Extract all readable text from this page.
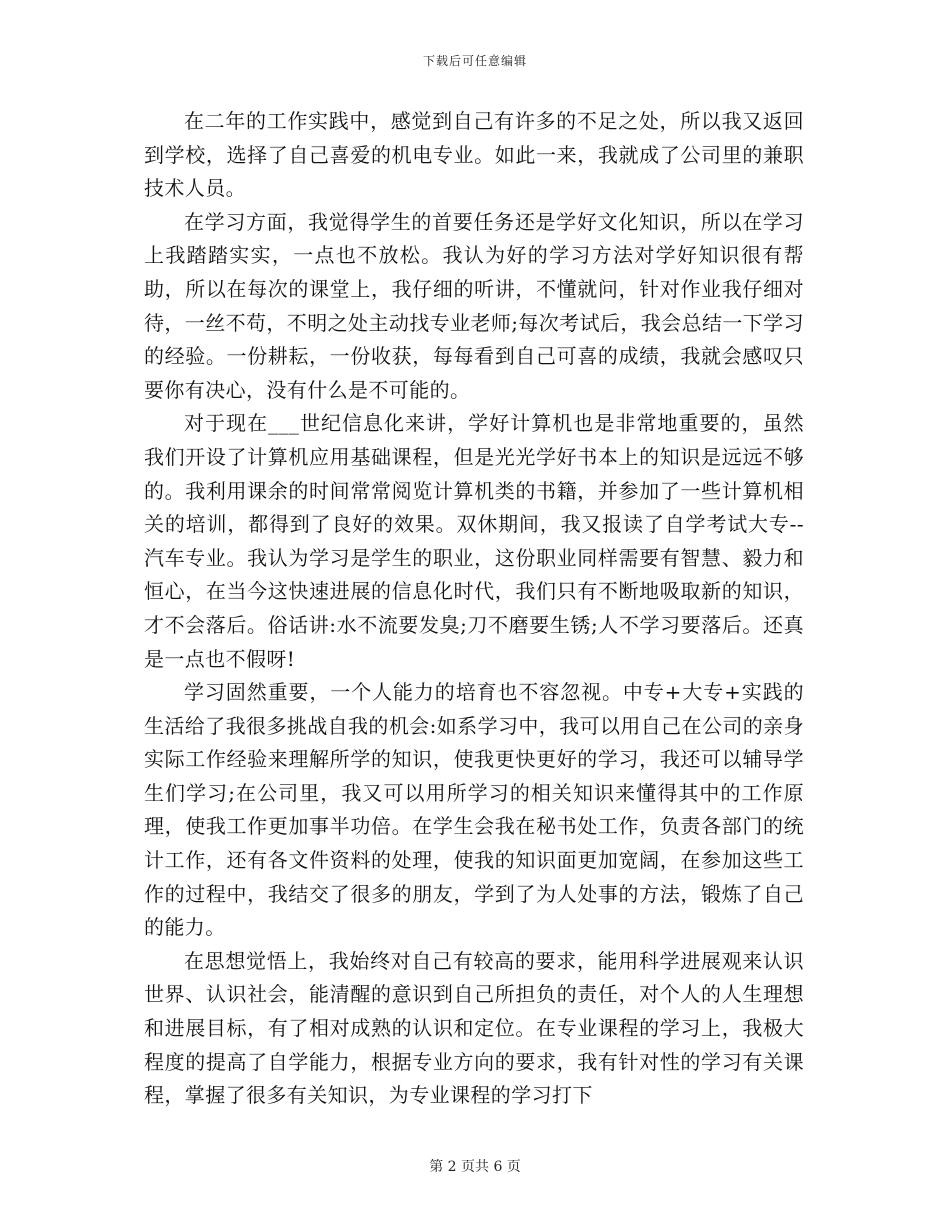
下载后可任意编辑

在二年的工作实践中，感觉到自己有许多的不足之处，所以我又返回到学校，选择了自己喜爱的机电专业。如此一来，我就成了公司里的兼职技术人员。

在学习方面，我觉得学生的首要任务还是学好文化知识，所以在学习上我踏踏实实，一点也不放松。我认为好的学习方法对学好知识很有帮助，所以在每次的课堂上，我仔细的听讲，不懂就问，针对作业我仔细对待，一丝不苟，不明之处主动找专业老师;每次考试后，我会总结一下学习的经验。一份耕耘，一份收获，每每看到自己可喜的成绩，我就会感叹只要你有决心，没有什么是不可能的。

对于现在___世纪信息化来讲，学好计算机也是非常地重要的，虽然我们开设了计算机应用基础课程，但是光光学好书本上的知识是远远不够的。我利用课余的时间常常阅览计算机类的书籍，并参加了一些计算机相关的培训，都得到了良好的效果。双休期间，我又报读了自学考试大专--汽车专业。我认为学习是学生的职业，这份职业同样需要有智慧、毅力和恒心，在当今这快速进展的信息化时代，我们只有不断地吸取新的知识，才不会落后。俗话讲:水不流要发臭;刀不磨要生锈;人不学习要落后。还真是一点也不假呀!

学习固然重要，一个人能力的培育也不容忽视。中专+大专+实践的生活给了我很多挑战自我的机会:如系学习中，我可以用自己在公司的亲身实际工作经验来理解所学的知识，使我更快更好的学习，我还可以辅导学生们学习;在公司里，我又可以用所学习的相关知识来懂得其中的工作原理，使我工作更加事半功倍。在学生会我在秘书处工作，负责各部门的统计工作，还有各文件资料的处理，使我的知识面更加宽阔，在参加这些工作的过程中，我结交了很多的朋友，学到了为人处事的方法，锻炼了自己的能力。

在思想觉悟上，我始终对自己有较高的要求，能用科学进展观来认识世界、认识社会，能清醒的意识到自己所担负的责任，对个人的人生理想和进展目标，有了相对成熟的认识和定位。在专业课程的学习上，我极大程度的提高了自学能力，根据专业方向的要求，我有针对性的学习有关课程，掌握了很多有关知识，为专业课程的学习打下

第 2 页共 6 页
